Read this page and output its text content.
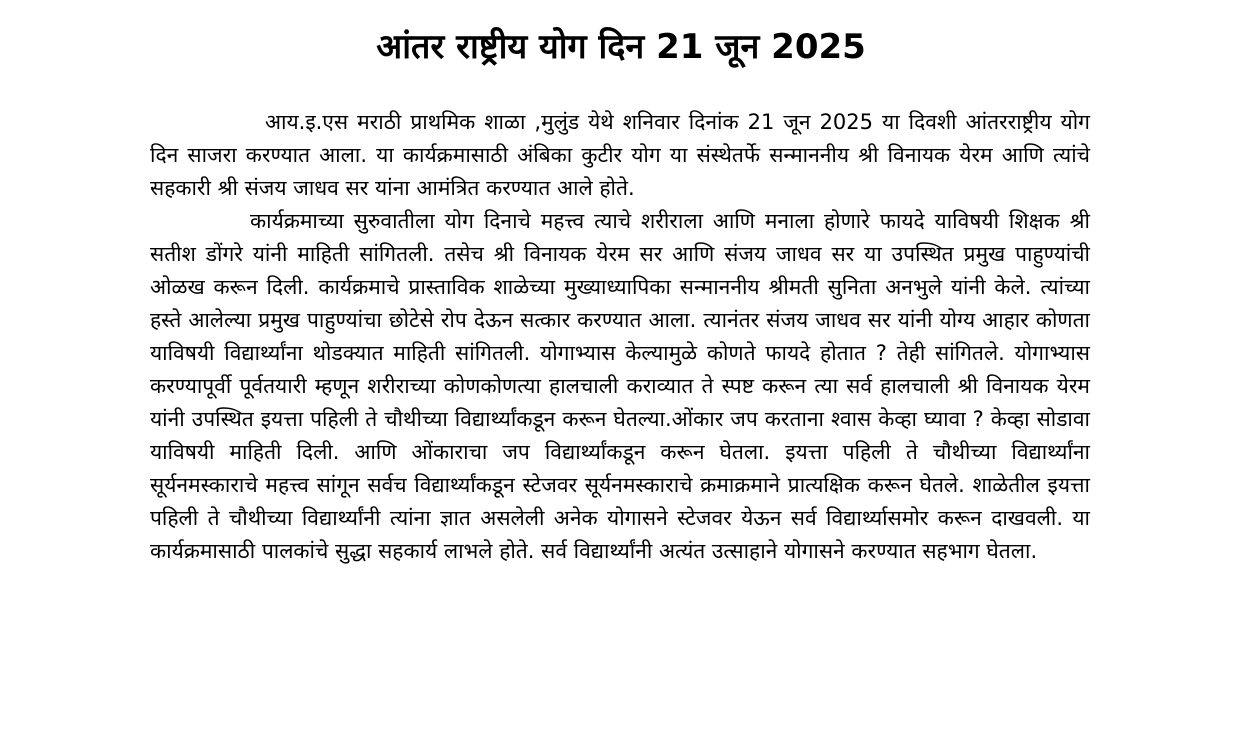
आंतर राष्ट्रीय योग दिन 21 जून 2025

आय.इ.एस मराठी प्राथमिक शाळा ,मुलुंड येथे शनिवार दिनांक 21 जून 2025 या दिवशी आंतरराष्ट्रीय योग दिन साजरा करण्यात आला. या कार्यक्रमासाठी अंबिका कुटीर योग या संस्थेतर्फे सन्माननीय श्री विनायक येरम आणि त्यांचे सहकारी श्री संजय जाधव सर यांना आमंत्रित करण्यात आले होते.

कार्यक्रमाच्या सुरुवातीला योग दिनाचे महत्त्व त्याचे शरीराला आणि मनाला होणारे फायदे याविषयी शिक्षक श्री सतीश डोंगरे यांनी माहिती सांगितली. तसेच श्री विनायक येरम सर आणि संजय जाधव सर या उपस्थित प्रमुख पाहुण्यांची ओळख करून दिली. कार्यक्रमाचे प्रास्ताविक शाळेच्या मुख्याध्यापिका सन्माननीय श्रीमती सुनिता अनभुले यांनी केले. त्यांच्या हस्ते आलेल्या प्रमुख पाहुण्यांचा छोटेसे रोप देऊन सत्कार करण्यात आला. त्यानंतर संजय जाधव सर यांनी योग्य आहार कोणता याविषयी विद्यार्थ्यांना थोडक्यात माहिती सांगितली. योगाभ्यास केल्यामुळे कोणते फायदे होतात ? तेही सांगितले. योगाभ्यास करण्यापूर्वी पूर्वतयारी म्हणून शरीराच्या कोणकोणत्या हालचाली कराव्यात ते स्पष्ट करून त्या सर्व हालचाली श्री विनायक येरम यांनी उपस्थित इयत्ता पहिली ते चौथीच्या विद्यार्थ्यांकडून करून घेतल्या.ओंकार जप करताना श्वास केव्हा घ्यावा ? केव्हा सोडावा याविषयी माहिती दिली. आणि ओंकाराचा जप विद्यार्थ्यांकडून करून घेतला. इयत्ता पहिली ते चौथीच्या विद्यार्थ्यांना सूर्यनमस्काराचे महत्त्व सांगून सर्वच विद्यार्थ्यांकडून स्टेजवर सूर्यनमस्काराचे क्रमाक्रमाने प्रात्यक्षिक करून घेतले. शाळेतील इयत्ता पहिली ते चौथीच्या विद्यार्थ्यांनी त्यांना ज्ञात असलेली अनेक योगासने स्टेजवर येऊन सर्व विद्यार्थ्यासमोर करून दाखवली. या कार्यक्रमासाठी पालकांचे सुद्धा सहकार्य लाभले होते. सर्व विद्यार्थ्यांनी अत्यंत उत्साहाने योगासने करण्यात सहभाग घेतला.
